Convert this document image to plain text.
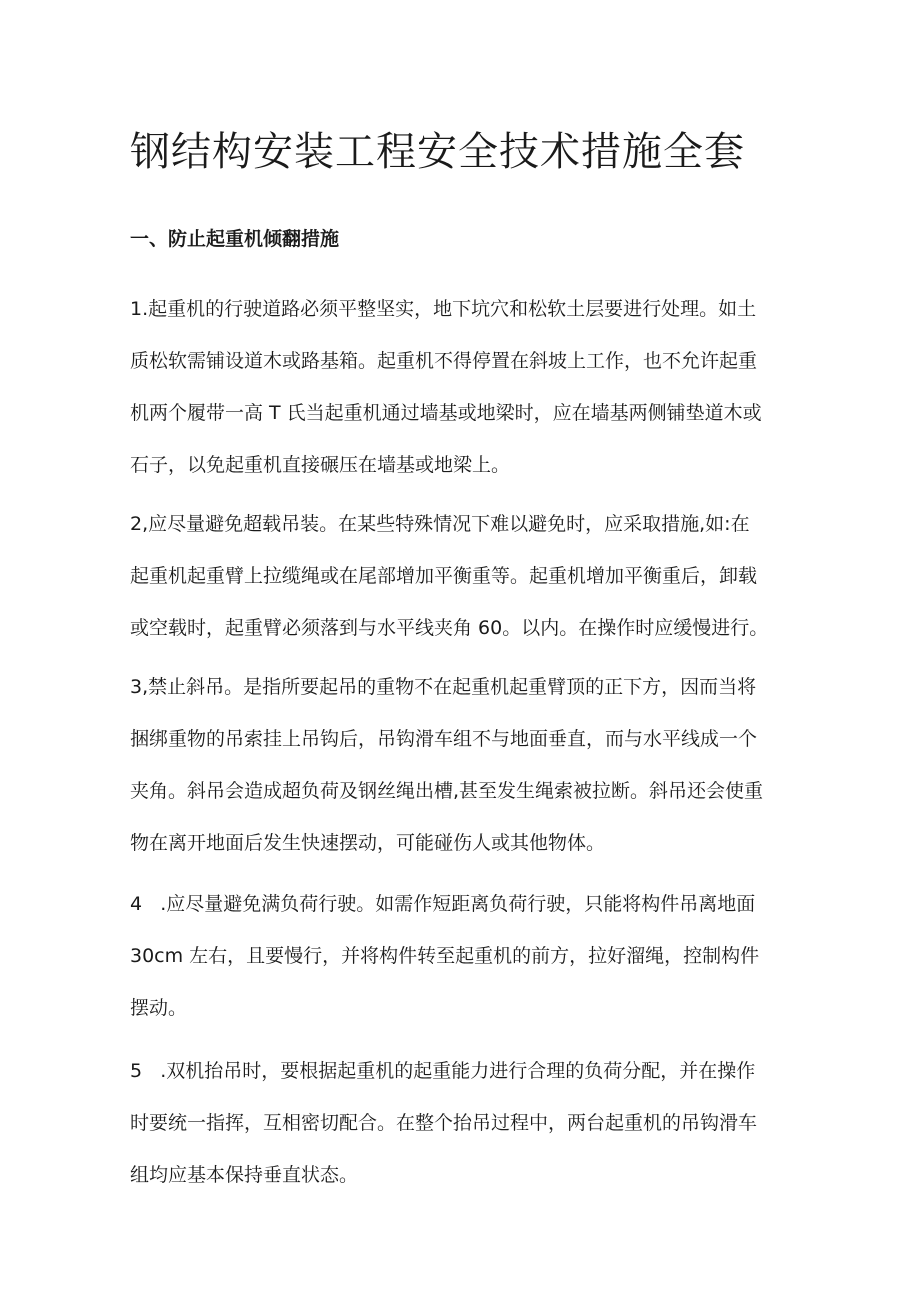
钢结构安装工程安全技术措施全套
一、防止起重机倾翻措施
1.起重机的行驶道路必须平整坚实，地下坑穴和松软土层要进行处理。如土
质松软需铺设道木或路基箱。起重机不得停置在斜坡上工作，也不允许起重
机两个履带一高 T 氏当起重机通过墙基或地梁时，应在墙基两侧铺垫道木或
石子，以免起重机直接碾压在墙基或地梁上。
2,应尽量避免超载吊装。在某些特殊情况下难以避免时，应采取措施,如:在
起重机起重臂上拉缆绳或在尾部增加平衡重等。起重机增加平衡重后，卸载
或空载时，起重臂必须落到与水平线夹角 60。以内。在操作时应缓慢进行。
3,禁止斜吊。是指所要起吊的重物不在起重机起重臂顶的正下方，因而当将
捆绑重物的吊索挂上吊钩后，吊钩滑车组不与地面垂直，而与水平线成一个
夹角。斜吊会造成超负荷及钢丝绳出槽,甚至发生绳索被拉断。斜吊还会使重
物在离开地面后发生快速摆动，可能碰伤人或其他物体。
4   .应尽量避免满负荷行驶。如需作短距离负荷行驶，只能将构件吊离地面
30cm 左右，且要慢行，并将构件转至起重机的前方，拉好溜绳，控制构件
摆动。
5   .双机抬吊时，要根据起重机的起重能力进行合理的负荷分配，并在操作
时要统一指挥，互相密切配合。在整个抬吊过程中，两台起重机的吊钩滑车
组均应基本保持垂直状态。
